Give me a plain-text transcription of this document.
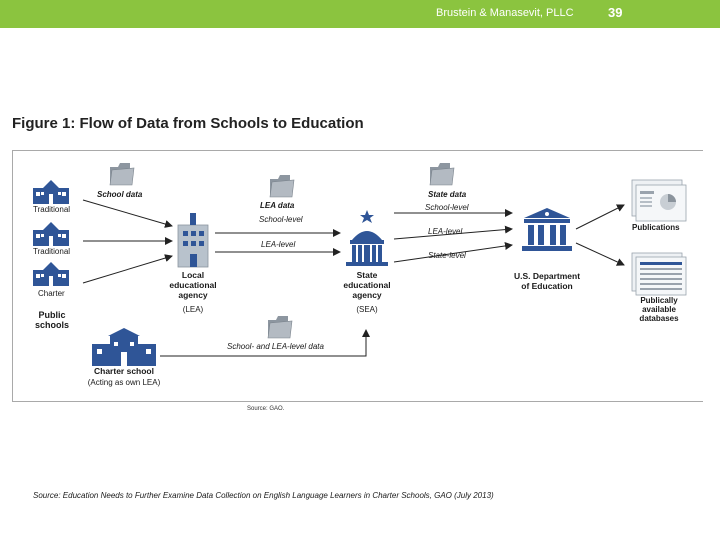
Brustein & Manasevit, PLLC	39
Figure 1: Flow of Data from Schools to Education
School data
LEA data
State data
School-level
LEA-level
School-level
LEA-level
State-level
Traditional
Traditional
Charter
Public
schools
Charter school
(Acting as own LEA)
Local
educational
agency
(LEA)
State
educational
agency
(SEA)
U.S. Department
of Education
Publications
Publically
available
databases
School- and LEA-level data
Source: GAO.
Source: Education Needs to Further Examine Data Collection on English Language Learners in Charter Schools, GAO (July 2013)
